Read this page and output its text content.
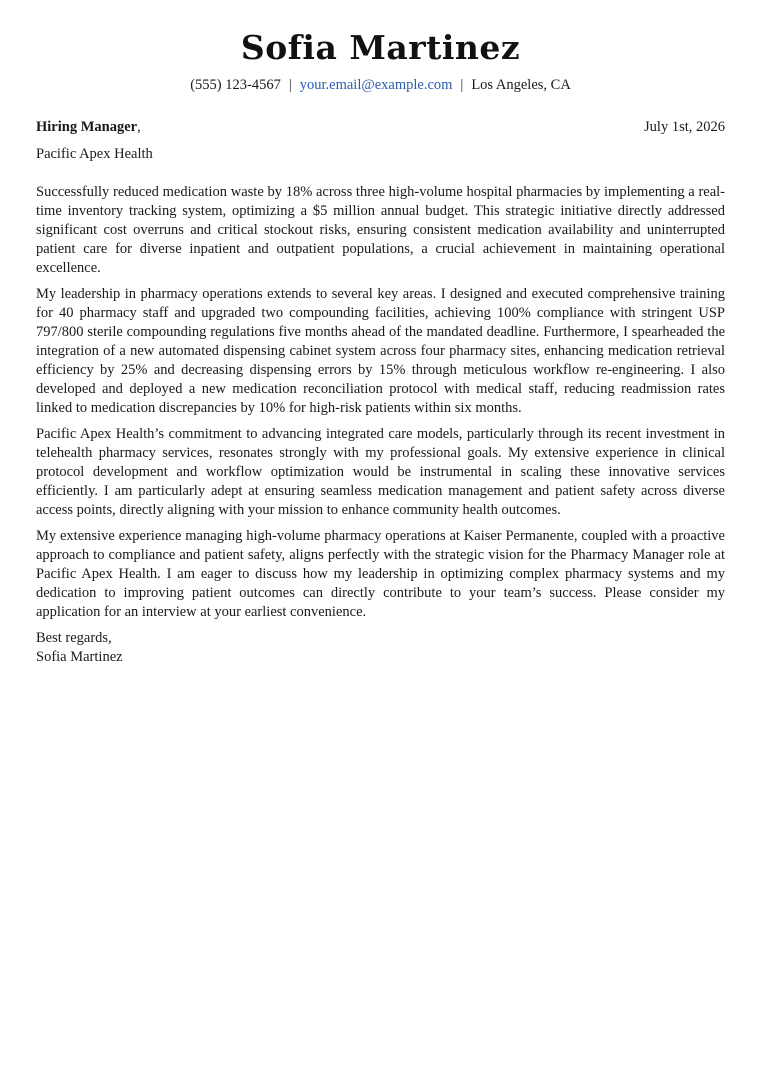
Sofia Martinez
(555) 123-4567 | your.email@example.com | Los Angeles, CA
Hiring Manager,	July 1st, 2026
Pacific Apex Health

Successfully reduced medication waste by 18% across three high-volume hospital pharmacies by implementing a real-time inventory tracking system, optimizing a $5 million annual budget. This strategic initiative directly addressed significant cost overruns and critical stockout risks, ensuring consistent medication availability and uninterrupted patient care for diverse inpatient and outpatient populations, a crucial achievement in maintaining operational excellence.

My leadership in pharmacy operations extends to several key areas. I designed and executed comprehensive training for 40 pharmacy staff and upgraded two compounding facilities, achieving 100% compliance with stringent USP 797/800 sterile compounding regulations five months ahead of the mandated deadline. Furthermore, I spearheaded the integration of a new automated dispensing cabinet system across four pharmacy sites, enhancing medication retrieval efficiency by 25% and decreasing dispensing errors by 15% through meticulous workflow re-engineering. I also developed and deployed a new medication reconciliation protocol with medical staff, reducing readmission rates linked to medication discrepancies by 10% for high-risk patients within six months.

Pacific Apex Health’s commitment to advancing integrated care models, particularly through its recent investment in telehealth pharmacy services, resonates strongly with my professional goals. My extensive experience in clinical protocol development and workflow optimization would be instrumental in scaling these innovative services efficiently. I am particularly adept at ensuring seamless medication management and patient safety across diverse access points, directly aligning with your mission to enhance community health outcomes.

My extensive experience managing high-volume pharmacy operations at Kaiser Permanente, coupled with a proactive approach to compliance and patient safety, aligns perfectly with the strategic vision for the Pharmacy Manager role at Pacific Apex Health. I am eager to discuss how my leadership in optimizing complex pharmacy systems and my dedication to improving patient outcomes can directly contribute to your team’s success. Please consider my application for an interview at your earliest convenience.

Best regards,
Sofia Martinez
